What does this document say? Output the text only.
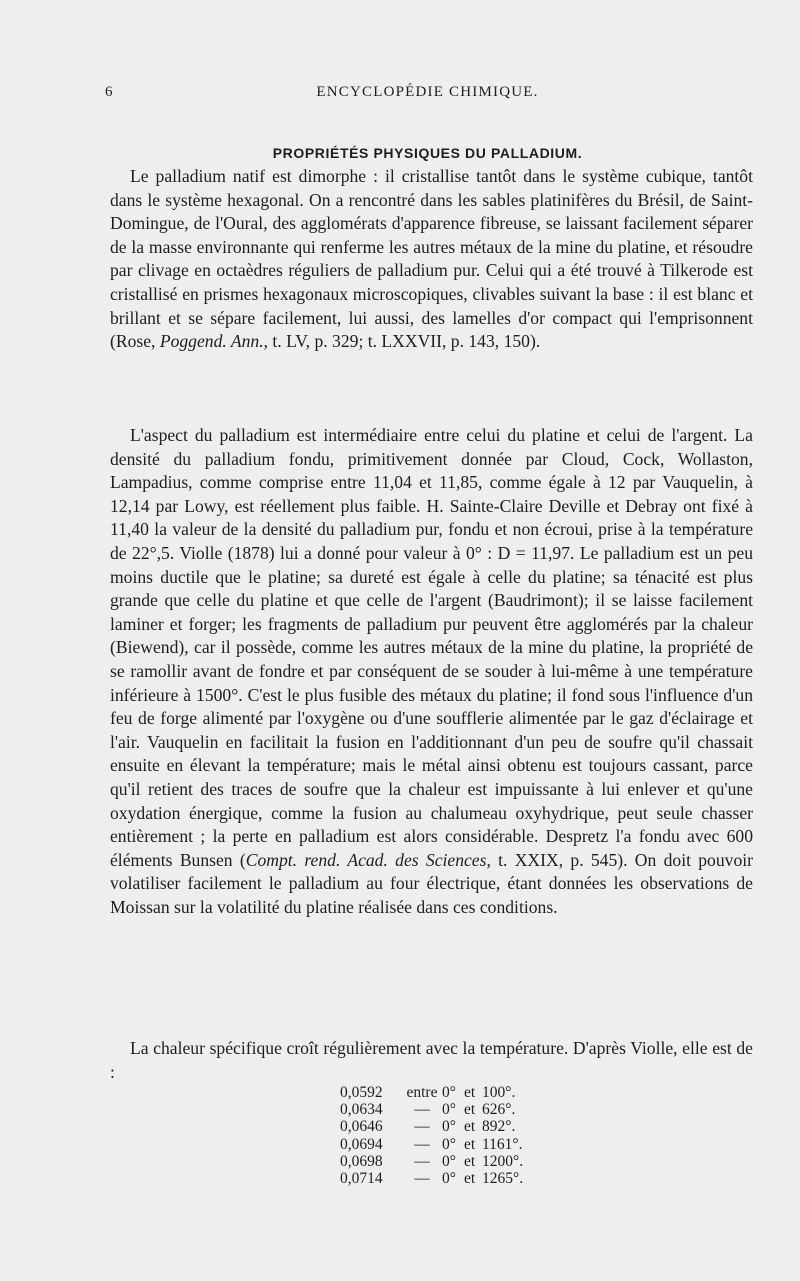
6	ENCYCLOPÉDIE CHIMIQUE.
PROPRIÉTÉS PHYSIQUES DU PALLADIUM.

Le palladium natif est dimorphe : il cristallise tantôt dans le système cubique, tantôt dans le système hexagonal. On a rencontré dans les sables platinifères du Brésil, de Saint-Domingue, de l'Oural, des agglomérats d'apparence fibreuse, se laissant facilement séparer de la masse environnante qui renferme les autres métaux de la mine du platine, et résoudre par clivage en octaèdres réguliers de palladium pur. Celui qui a été trouvé à Tilkerode est cristallisé en prismes hexagonaux microscopiques, clivables suivant la base : il est blanc et brillant et se sépare facilement, lui aussi, des lamelles d'or compact qui l'emprisonnent (Rose, Poggend. Ann., t. LV, p. 329; t. LXXVII, p. 143, 150).

L'aspect du palladium est intermédiaire entre celui du platine et celui de l'argent. La densité du palladium fondu, primitivement donnée par Cloud, Cock, Wollaston, Lampadius, comme comprise entre 11,04 et 11,85, comme égale à 12 par Vauquelin, à 12,14 par Lowy, est réellement plus faible. H. Sainte-Claire Deville et Debray ont fixé à 11,40 la valeur de la densité du palladium pur, fondu et non écroui, prise à la température de 22°,5. Violle (1878) lui a donné pour valeur à 0° : D = 11,97. Le palladium est un peu moins ductile que le platine; sa dureté est égale à celle du platine; sa ténacité est plus grande que celle du platine et que celle de l'argent (Baudrimont); il se laisse facilement laminer et forger; les fragments de palladium pur peuvent être agglomérés par la chaleur (Biewend), car il possède, comme les autres métaux de la mine du platine, la propriété de se ramollir avant de fondre et par conséquent de se souder à lui-même à une température inférieure à 1500°. C'est le plus fusible des métaux du platine; il fond sous l'influence d'un feu de forge alimenté par l'oxygène ou d'une soufflerie alimentée par le gaz d'éclairage et l'air. Vauquelin en facilitait la fusion en l'additionnant d'un peu de soufre qu'il chassait ensuite en élevant la température; mais le métal ainsi obtenu est toujours cassant, parce qu'il retient des traces de soufre que la chaleur est impuissante à lui enlever et qu'une oxydation énergique, comme la fusion au chalumeau oxyhydrique, peut seule chasser entièrement ; la perte en palladium est alors considérable. Despretz l'a fondu avec 600 éléments Bunsen (Compt. rend. Acad. des Sciences, t. XXIX, p. 545). On doit pouvoir volatiliser facilement le palladium au four électrique, étant données les observations de Moissan sur la volatilité du platine réalisée dans ces conditions.

La chaleur spécifique croît régulièrement avec la température. D'après Violle, elle est de :

0,0592	entre	0°	et	100°.
0,0634	—	0°	et	626°.
0,0646	—	0°	et	892°.
0,0694	—	0°	et	1161°.
0,0698	—	0°	et	1200°.
0,0714	—	0°	et	1265°.
